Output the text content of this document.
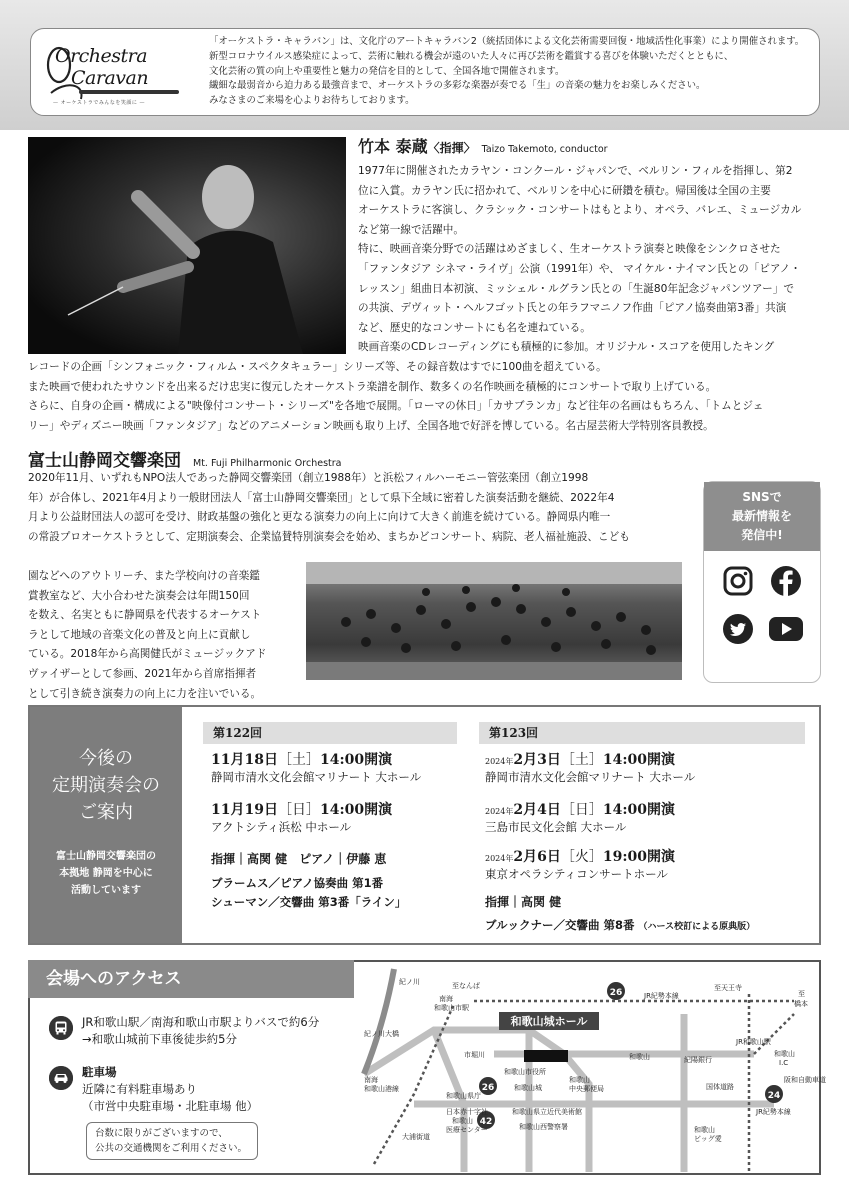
Orchestra
Caravan
— オーケストラでみんなを笑顔に —
「オーケストラ・キャラバン」は、文化庁のアートキャラバン2（統括団体による文化芸術需要回復・地域活性化事業）により開催されます。
新型コロナウイルス感染症によって、芸術に触れる機会が遠のいた人々に再び芸術を鑑賞する喜びを体験いただくとともに、
文化芸術の質の向上や重要性と魅力の発信を目的として、全国各地で開催されます。
繊細な最弱音から迫力ある最強音まで、オーケストラの多彩な楽器が奏でる「生」の音楽の魅力をお楽しみください。
みなさまのご来場を心よりお待ちしております。
竹本 泰蔵〈指揮〉 Taizo Takemoto, conductor
1977年に開催されたカラヤン・コンクール・ジャパンで、ベルリン・フィルを指揮し、第2
位に入賞。カラヤン氏に招かれて、ベルリンを中心に研鑽を積む。帰国後は全国の主要
オーケストラに客演し、クラシック・コンサートはもとより、オペラ、バレエ、ミュージカル
など第一線で活躍中。
特に、映画音楽分野での活躍はめざましく、生オーケストラ演奏と映像をシンクロさせた
「ファンタジア シネマ・ライヴ」公演（1991年）や、 マイケル・ナイマン氏との「ピアノ・
レッスン」組曲日本初演、ミッシェル・ルグラン氏との「生誕80年記念ジャパンツアー」で
の共演、デヴィット・ヘルフゴット氏との年ラフマニノフ作曲「ピアノ協奏曲第3番」共演
など、歴史的なコンサートにも名を連ねている。
映画音楽のCDレコーディングにも積極的に参加。オリジナル・スコアを使用したキング
レコードの企画「シンフォニック・フィルム・スペクタキュラー」シリーズ等、その録音数はすでに100曲を超えている。
また映画で使われたサウンドを出来るだけ忠実に復元したオーケストラ楽譜を制作、数多くの名作映画を積極的にコンサートで取り上げている。
さらに、自身の企画・構成による"映像付コンサート・シリーズ"を各地で展開。「ローマの休日」「カサブランカ」など往年の名画はもちろん、「トムとジェ
リー」やディズニー映画「ファンタジア」などのアニメーション映画も取り上げ、全国各地で好評を博している。名古屋芸術大学特別客員教授。
富士山静岡交響楽団 Mt. Fuji Philharmonic Orchestra
2020年11月、いずれもNPO法人であった静岡交響楽団（創立1988年）と浜松フィルハーモニー管弦楽団（創立1998
年）が合体し、2021年4月より一般財団法人「富士山静岡交響楽団」として県下全域に密着した演奏活動を継続、2022年4
月より公益財団法人の認可を受け、財政基盤の強化と更なる演奏力の向上に向けて大きく前進を続けている。静岡県内唯一
の常設プロオーケストラとして、定期演奏会、企業協賛特別演奏会を始め、まちかどコンサート、病院、老人福祉施設、こども
園などへのアウトリーチ、また学校向けの音楽鑑
賞教室など、大小合わせた演奏会は年間150回
を数え、名実ともに静岡県を代表するオーケスト
ラとして地域の音楽文化の普及と向上に貢献し
ている。2018年から高関健氏がミュージックアド
ヴァイザーとして参画、2021年から首席指揮者
として引き続き演奏力の向上に力を注いでいる。
SNSで
最新情報を
発信中!
今後の
定期演奏会の
ご案内
富士山静岡交響楽団の
本拠地 静岡を中心に
活動しています
第122回
11月18日［土］14:00開演
静岡市清水文化会館マリナート 大ホール
11月19日［日］14:00開演
アクトシティ浜松 中ホール
指揮｜高関 健　ピアノ｜伊藤 恵
ブラームス／ピアノ協奏曲 第1番
シューマン／交響曲 第3番「ライン」
第123回
2024年2月3日［土］14:00開演
静岡市清水文化会館マリナート 大ホール
2024年2月4日［日］14:00開演
三島市民文化会館 大ホール
2024年2月6日［火］19:00開演
東京オペラシティコンサートホール
指揮｜高関 健
ブルックナー／交響曲 第8番 （ハース校訂による原典版）
会場へのアクセス
JR和歌山駅／南海和歌山市駅よりバスで約6分
→和歌山城前下車後徒歩約5分
駐車場
近隣に有料駐車場あり
（市営中央駐車場・北駐車場 他）
台数に限りがございますので、
公共の交通機関をご利用ください。
和歌山城ホール
26
26
42
24
至なんば
南海
和歌山市駅
紀ノ川
紀ノ川大橋
市堀川
和歌山市役所
和歌山城
和歌山県庁
和歌山
中央郵便局
日本赤十字社
和歌山
医療センター
和歌山県立近代美術館
和歌山西警察署
南海
和歌山港線
大浦街道
JR紀勢本線
至天王寺
至
橋本
和歌山	紀陽銀行
国体道路
JR和歌山駅
和歌山
I.C
阪和自動車道
JR紀勢本線
和歌山
ビッグ愛
